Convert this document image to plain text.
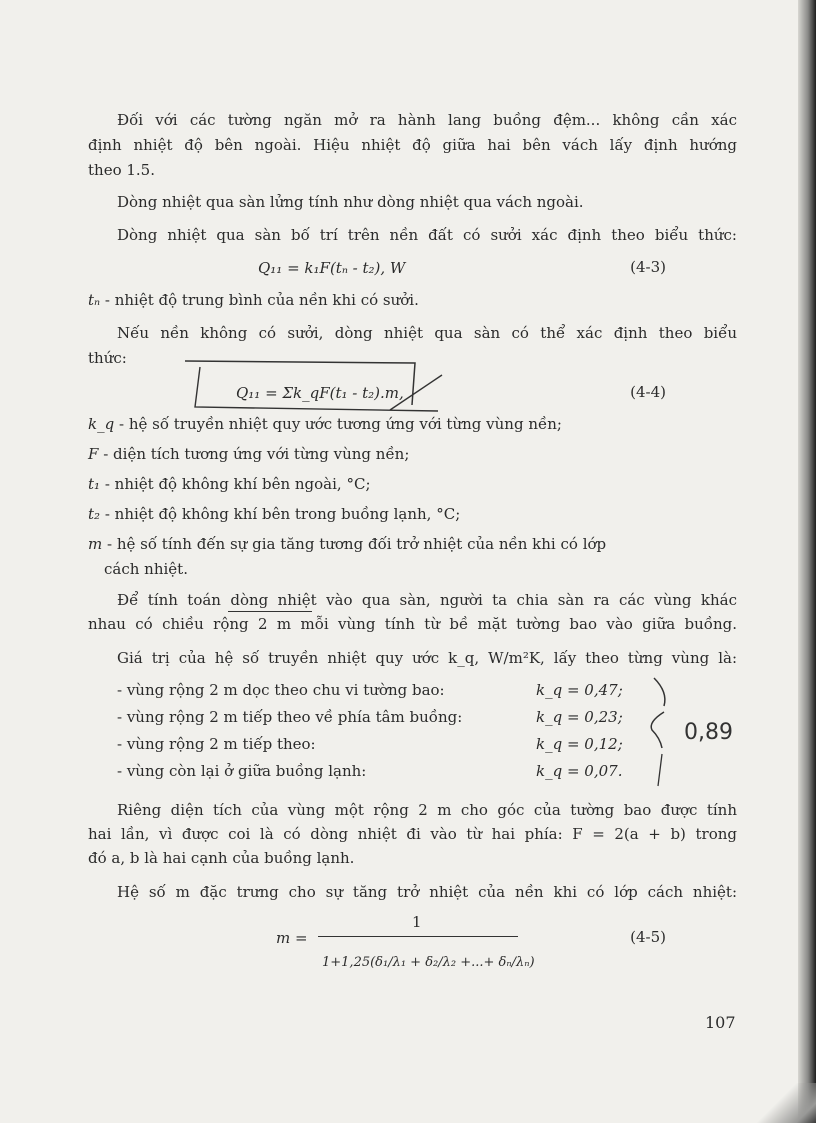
Đối với các tường ngăn mở ra hành lang buồng đệm... không cần xác
định nhiệt độ bên ngoài. Hiệu nhiệt độ giữa hai bên vách lấy định hướng
theo 1.5.
Dòng nhiệt qua sàn lửng tính như dòng nhiệt qua vách ngoài.
Dòng nhiệt qua sàn bố trí trên nền đất có sưởi xác định theo biểu thức:
Q₁₁ = k₁F(tₙ - t₂), W	(4-3)
tₙ - nhiệt độ trung bình của nền khi có sưởi.
Nếu nền không có sưởi, dòng nhiệt qua sàn có thể xác định theo biểu
thức:
Q₁₁ = Σk_qF(t₁ - t₂).m,	(4-4)
k_q - hệ số truyền nhiệt quy ước tương ứng với từng vùng nền;
F - diện tích tương ứng với từng vùng nền;
t₁ - nhiệt độ không khí bên ngoài, °C;
t₂ - nhiệt độ không khí bên trong buồng lạnh, °C;
m - hệ số tính đến sự gia tăng tương đối trở nhiệt của nền khi có lớp
cách nhiệt.
Để tính toán dòng nhiệt vào qua sàn, người ta chia sàn ra các vùng khác
nhau có chiều rộng 2 m mỗi vùng tính từ bề mặt tường bao vào giữa buồng.
Giá trị của hệ số truyền nhiệt quy ước k_q, W/m²K, lấy theo từng vùng là:
- vùng rộng 2 m dọc theo chu vi tường bao:	k_q = 0,47;
- vùng rộng 2 m tiếp theo về phía tâm buồng:	k_q = 0,23;
- vùng rộng 2 m tiếp theo:	k_q = 0,12;
- vùng còn lại ở giữa buồng lạnh:	k_q = 0,07.
0,89
Riêng diện tích của vùng một rộng 2 m cho góc của tường bao được tính
hai lần, vì được coi là có dòng nhiệt đi vào từ hai phía: F = 2(a + b) trong
đó a, b là hai cạnh của buồng lạnh.
Hệ số m đặc trưng cho sự tăng trở nhiệt của nền khi có lớp cách nhiệt:
m =
1
1+1,25(δ₁/λ₁ + δ₂/λ₂ +...+ δₙ/λₙ)
(4-5)
107
